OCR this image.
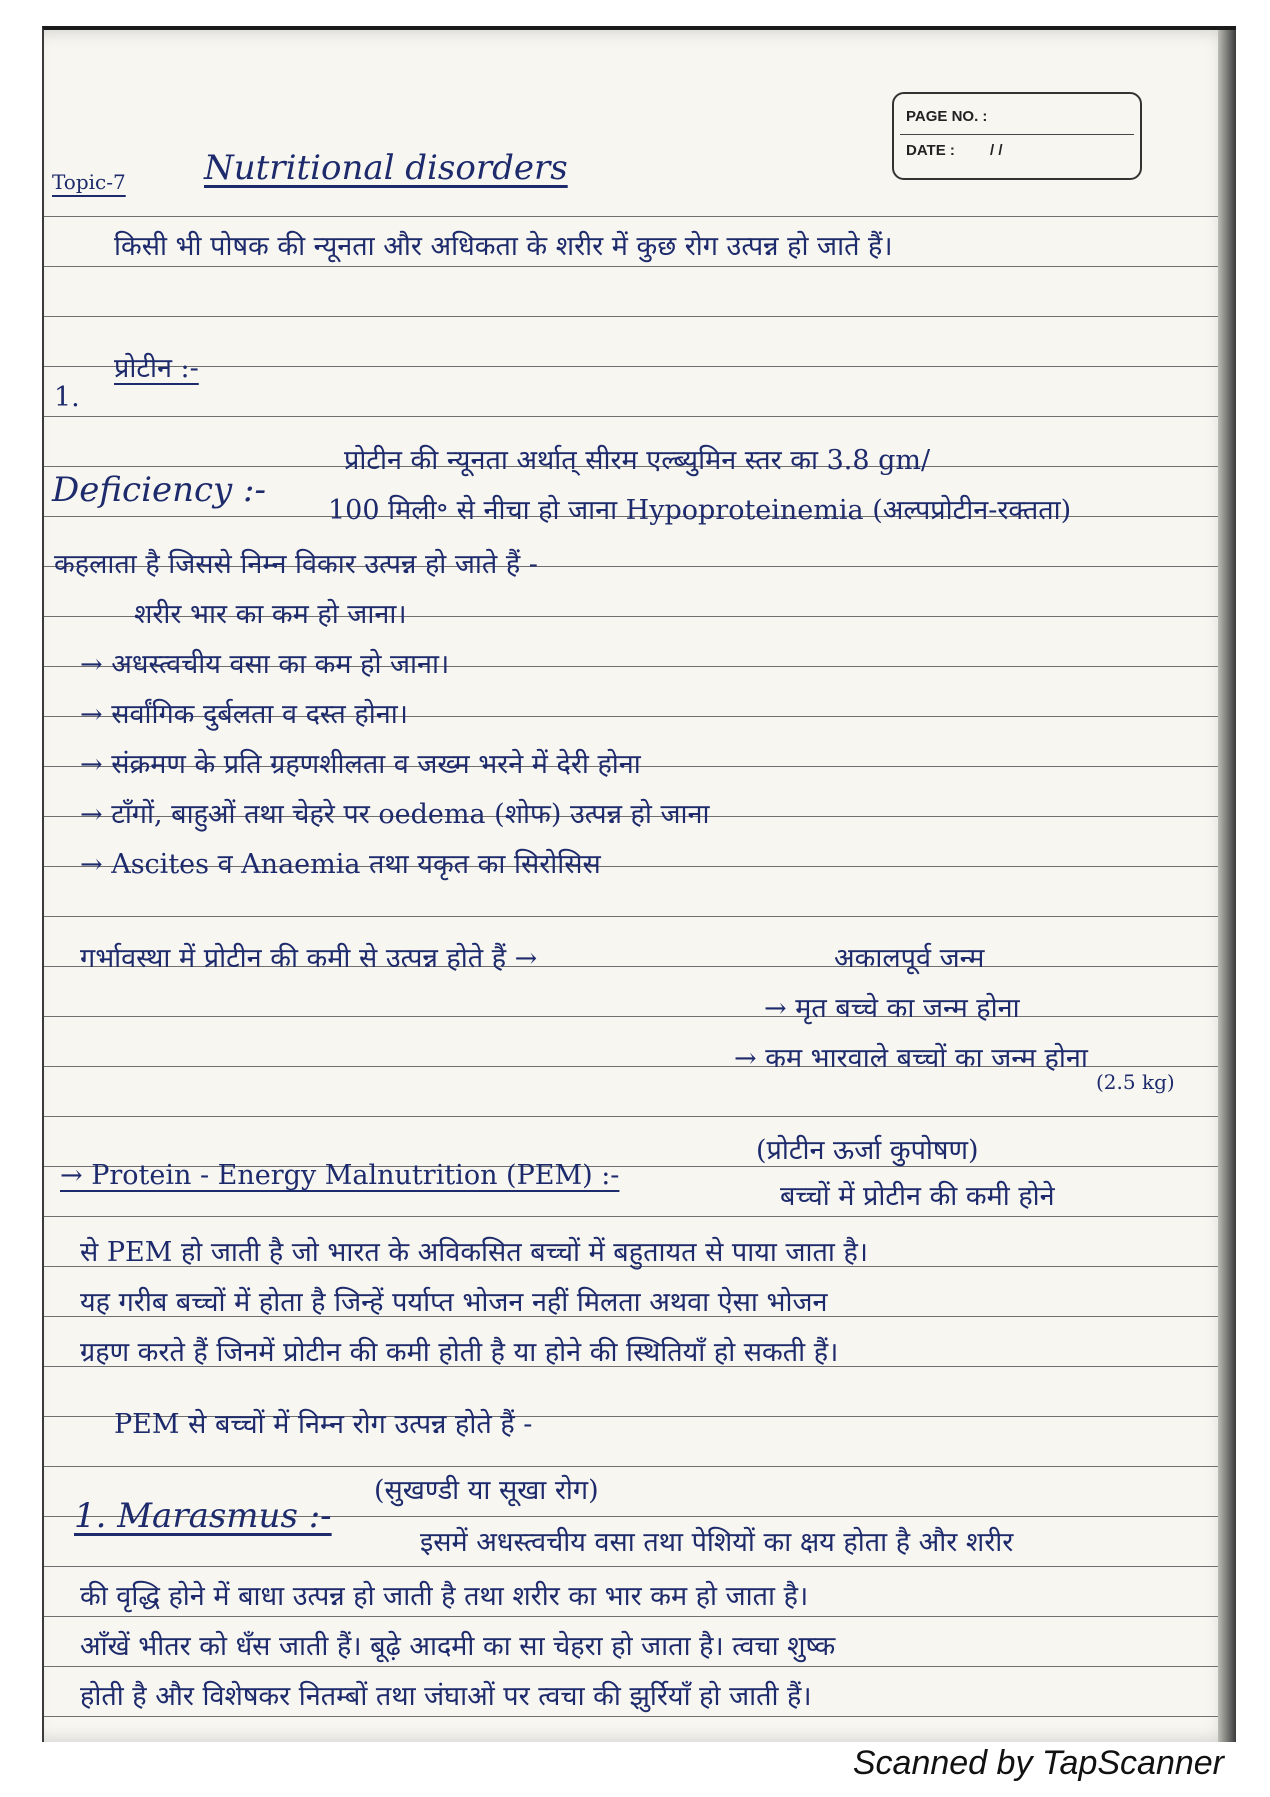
PAGE NO. :
DATE : / /
Topic-7 Nutritional disorders
किसी भी पोषक की न्यूनता और अधिकता के शरीर में कुछ रोग उत्पन्न हो जाते हैं।
प्रोटीन :-
1.
प्रोटीन की न्यूनता अर्थात् सीरम एल्ब्युमिन स्तर का 3.8 gm/
Deficiency :-
100 मिली॰ से नीचा हो जाना Hypoproteinemia (अल्पप्रोटीन-रक्तता)
कहलाता है जिससे निम्न विकार उत्पन्न हो जाते हैं -
शरीर भार का कम हो जाना।
→ अधस्त्वचीय वसा का कम हो जाना।
→ सर्वांगिक दुर्बलता व दस्त होना।
→ संक्रमण के प्रति ग्रहणशीलता व जख्म भरने में देरी होना
→ टाँगों, बाहुओं तथा चेहरे पर oedema (शोफ) उत्पन्न हो जाना
→ Ascites व Anaemia तथा यकृत का सिरोसिस
गर्भावस्था में प्रोटीन की कमी से उत्पन्न होते हैं →	अकालपूर्व जन्म
→ मृत बच्चे का जन्म होना
→ कम भारवाले बच्चों का जन्म होना
(2.5 kg)
(प्रोटीन ऊर्जा कुपोषण)
→ Protein - Energy Malnutrition (PEM) :-
बच्चों में प्रोटीन की कमी होने
से PEM हो जाती है जो भारत के अविकसित बच्चों में बहुतायत से पाया जाता है।
यह गरीब बच्चों में होता है जिन्हें पर्याप्त भोजन नहीं मिलता अथवा ऐसा भोजन
ग्रहण करते हैं जिनमें प्रोटीन की कमी होती है या होने की स्थितियाँ हो सकती हैं।
PEM से बच्चों में निम्न रोग उत्पन्न होते हैं -
(सुखण्डी या सूखा रोग)
1. Marasmus :-
इसमें अधस्त्वचीय वसा तथा पेशियों का क्षय होता है और शरीर
की वृद्धि होने में बाधा उत्पन्न हो जाती है तथा शरीर का भार कम हो जाता है।
आँखें भीतर को धँस जाती हैं। बूढ़े आदमी का सा चेहरा हो जाता है। त्वचा शुष्क
होती है और विशेषकर नितम्बों तथा जंघाओं पर त्वचा की झुर्रियाँ हो जाती हैं।
Scanned by TapScanner
